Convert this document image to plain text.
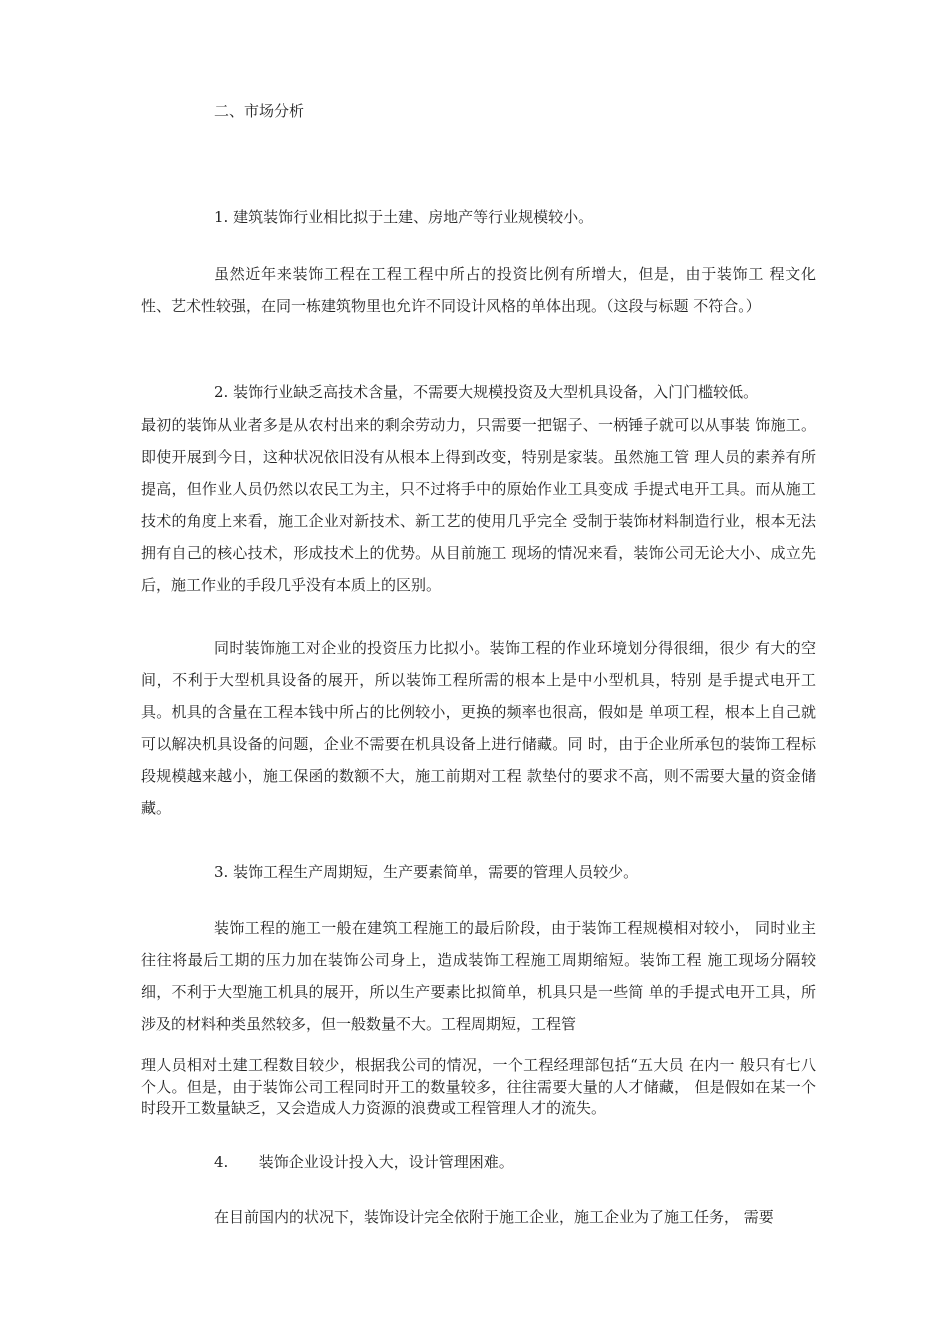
二、市场分析
1. 建筑装饰行业相比拟于土建、房地产等行业规模较小。
虽然近年来装饰工程在工程工程中所占的投资比例有所增大，但是，由于装饰工 程文化性、艺术性较强，在同一栋建筑物里也允许不同设计风格的单体出现。（这段与标题 不符合。）
2. 装饰行业缺乏高技术含量，不需要大规模投资及大型机具设备，入门门槛较低。
最初的装饰从业者多是从农村出来的剩余劳动力，只需要一把锯子、一柄锤子就可以从事装 饰施工。即使开展到今日，这种状况依旧没有从根本上得到改变，特别是家装。虽然施工管 理人员的素养有所提高，但作业人员仍然以农民工为主，只不过将手中的原始作业工具变成 手提式电开工具。而从施工技术的角度上来看，施工企业对新技术、新工艺的使用几乎完全 受制于装饰材料制造行业，根本无法拥有自己的核心技术，形成技术上的优势。从目前施工 现场的情况来看，装饰公司无论大小、成立先后，施工作业的手段几乎没有本质上的区别。
同时装饰施工对企业的投资压力比拟小。装饰工程的作业环境划分得很细，很少 有大的空间，不利于大型机具设备的展开，所以装饰工程所需的根本上是中小型机具，特别 是手提式电开工具。机具的含量在工程本钱中所占的比例较小，更换的频率也很高，假如是 单项工程，根本上自己就可以解决机具设备的问题，企业不需要在机具设备上进行储藏。同 时，由于企业所承包的装饰工程标段规模越来越小，施工保函的数额不大，施工前期对工程 款垫付的要求不高，则不需要大量的资金储藏。
3. 装饰工程生产周期短，生产要素简单，需要的管理人员较少。
装饰工程的施工一般在建筑工程施工的最后阶段，由于装饰工程规模相对较小， 同时业主往往将最后工期的压力加在装饰公司身上，造成装饰工程施工周期缩短。装饰工程 施工现场分隔较细，不利于大型施工机具的展开，所以生产要素比拟简单，机具只是一些简 单的手提式电开工具，所涉及的材料种类虽然较多，但一般数量不大。工程周期短，工程管
理人员相对土建工程数目较少，根据我公司的情况，一个工程经理部包括“五大员 在内一 般只有七八个人。但是，由于装饰公司工程同时开工的数量较多，往往需要大量的人才储藏， 但是假如在某一个时段开工数量缺乏，又会造成人力资源的浪费或工程管理人才的流失。
4. 装饰企业设计投入大，设计管理困难。
在目前国内的状况下，装饰设计完全依附于施工企业，施工企业为了施工任务， 需要
